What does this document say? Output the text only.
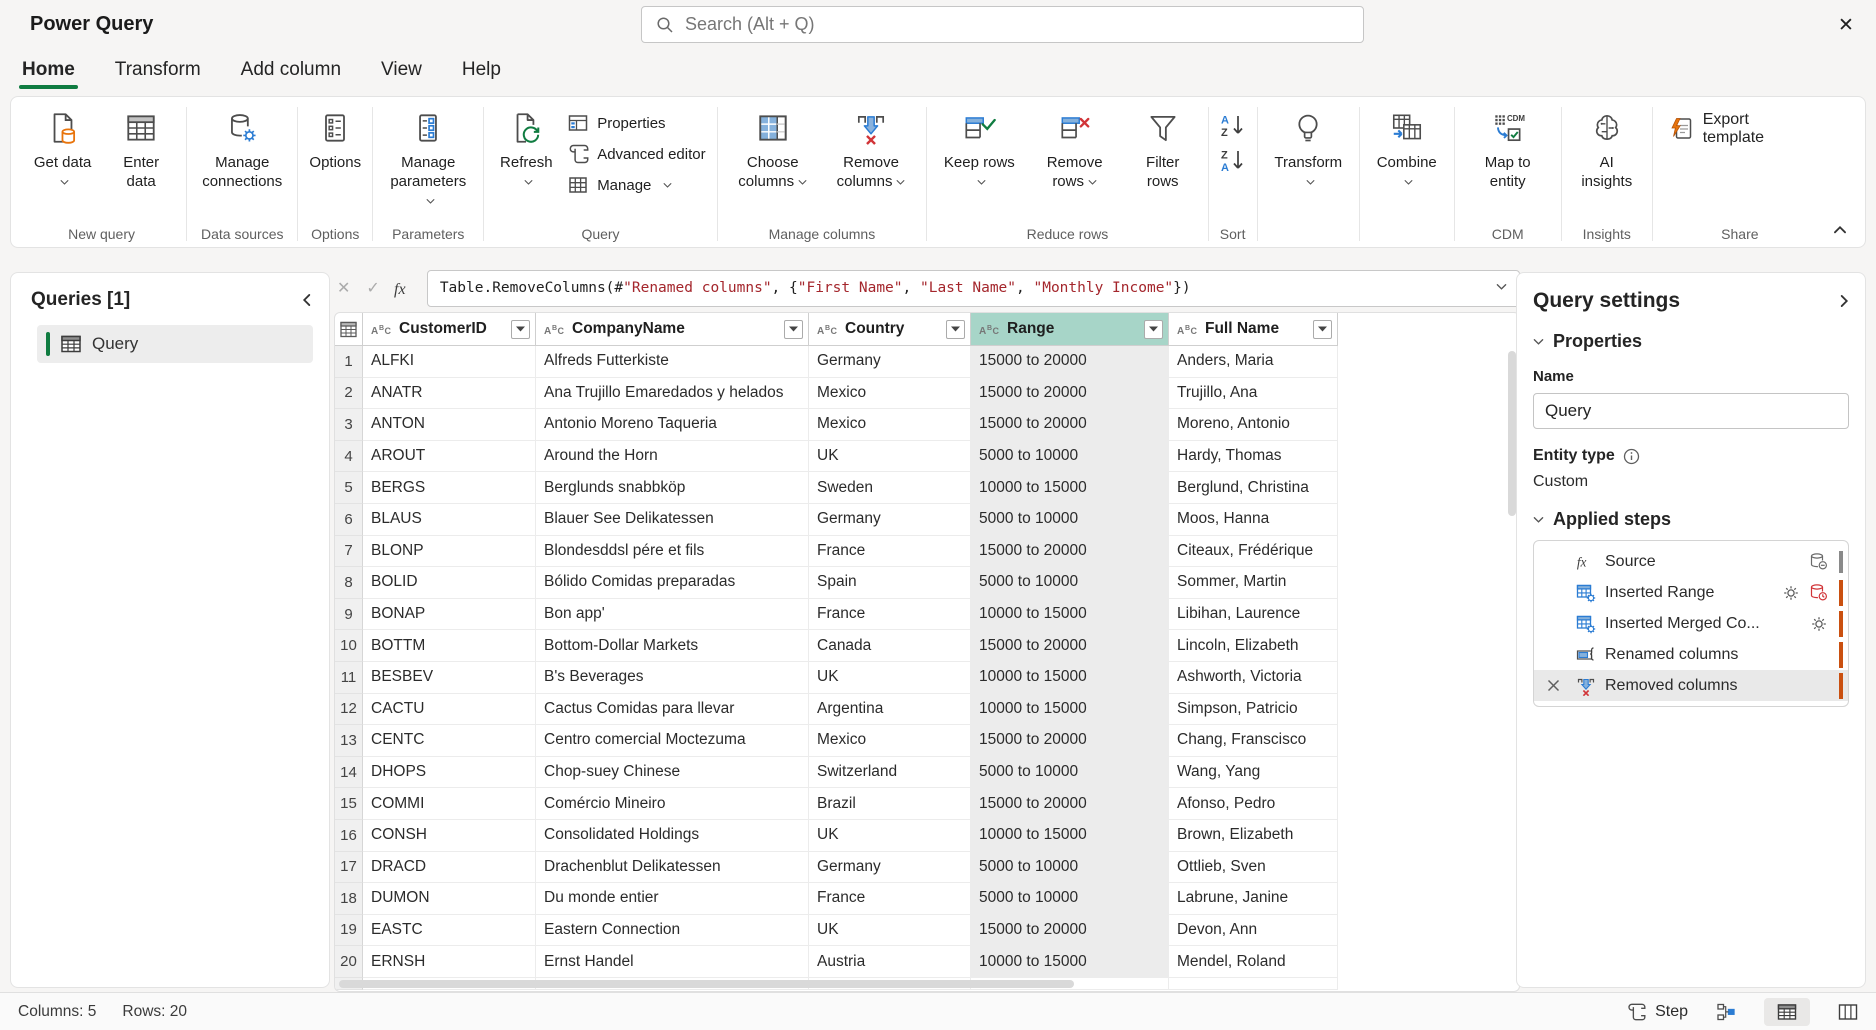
Power Query
Search (Alt + Q)	✕
Home Transform Add column View Help
Get data	Enter data
New query
Manage connections
Data sources
Options
Options
Manage parameters
Parameters
Refresh
Properties
Advanced editor
Manage
Query
Choose columns
Remove columns
Manage columns
Keep rows	Remove rows
Filter rows
Reduce rows
A
Z
Z
A
Sort
Transform	Combine
CDM
Map to entity
CDM
AI insights
Insights
Export template
Share
Queries [1]
Query
✕ ✓ fx Table.RemoveColumns(#"Renamed columns", {"First Name", "Last Name", "Monthly Income"})
A B C CustomerID	A B C CompanyName	A B C Country	A B C Range	A B C Full Name
1	ALFKI	Alfreds Futterkiste	Germany	15000 to 20000	Anders, Maria
2	ANATR	Ana Trujillo Emaredados y helados	Mexico	15000 to 20000	Trujillo, Ana
3	ANTON	Antonio Moreno Taqueria	Mexico	15000 to 20000	Moreno, Antonio
4	AROUT	Around the Horn	UK	5000 to 10000	Hardy, Thomas
5	BERGS	Berglunds snabbköp	Sweden	10000 to 15000	Berglund, Christina
6	BLAUS	Blauer See Delikatessen	Germany	5000 to 10000	Moos, Hanna
7	BLONP	Blondesddsl pére et fils	France	15000 to 20000	Citeaux, Frédérique
8	BOLID	Bólido Comidas preparadas	Spain	5000 to 10000	Sommer, Martin
9	BONAP	Bon app'	France	10000 to 15000	Libihan, Laurence
10 BOTTM	Bottom-Dollar Markets	Canada	15000 to 20000	Lincoln, Elizabeth
11 BESBEV	B's Beverages	UK	10000 to 15000	Ashworth, Victoria
12 CACTU	Cactus Comidas para llevar	Argentina	10000 to 15000	Simpson, Patricio
13 CENTC	Centro comercial Moctezuma	Mexico	15000 to 20000	Chang, Franscisco
14 DHOPS	Chop-suey Chinese	Switzerland	5000 to 10000	Wang, Yang
15 COMMI	Comércio Mineiro	Brazil	15000 to 20000	Afonso, Pedro
16 CONSH	Consolidated Holdings	UK	10000 to 15000	Brown, Elizabeth
17 DRACD	Drachenblut Delikatessen	Germany	5000 to 10000	Ottlieb, Sven
18 DUMON	Du monde entier	France	5000 to 10000	Labrune, Janine
19 EASTC	Eastern Connection	UK	15000 to 20000	Devon, Ann
20 ERNSH	Ernst Handel	Austria	10000 to 15000	Mendel, Roland
Query settings
Properties
Name
Query
Entity type
Custom
Applied steps
fx Source
Inserted Range
Inserted Merged Co...
Renamed columns
Removed columns
Columns: 5 Rows: 20	Step
